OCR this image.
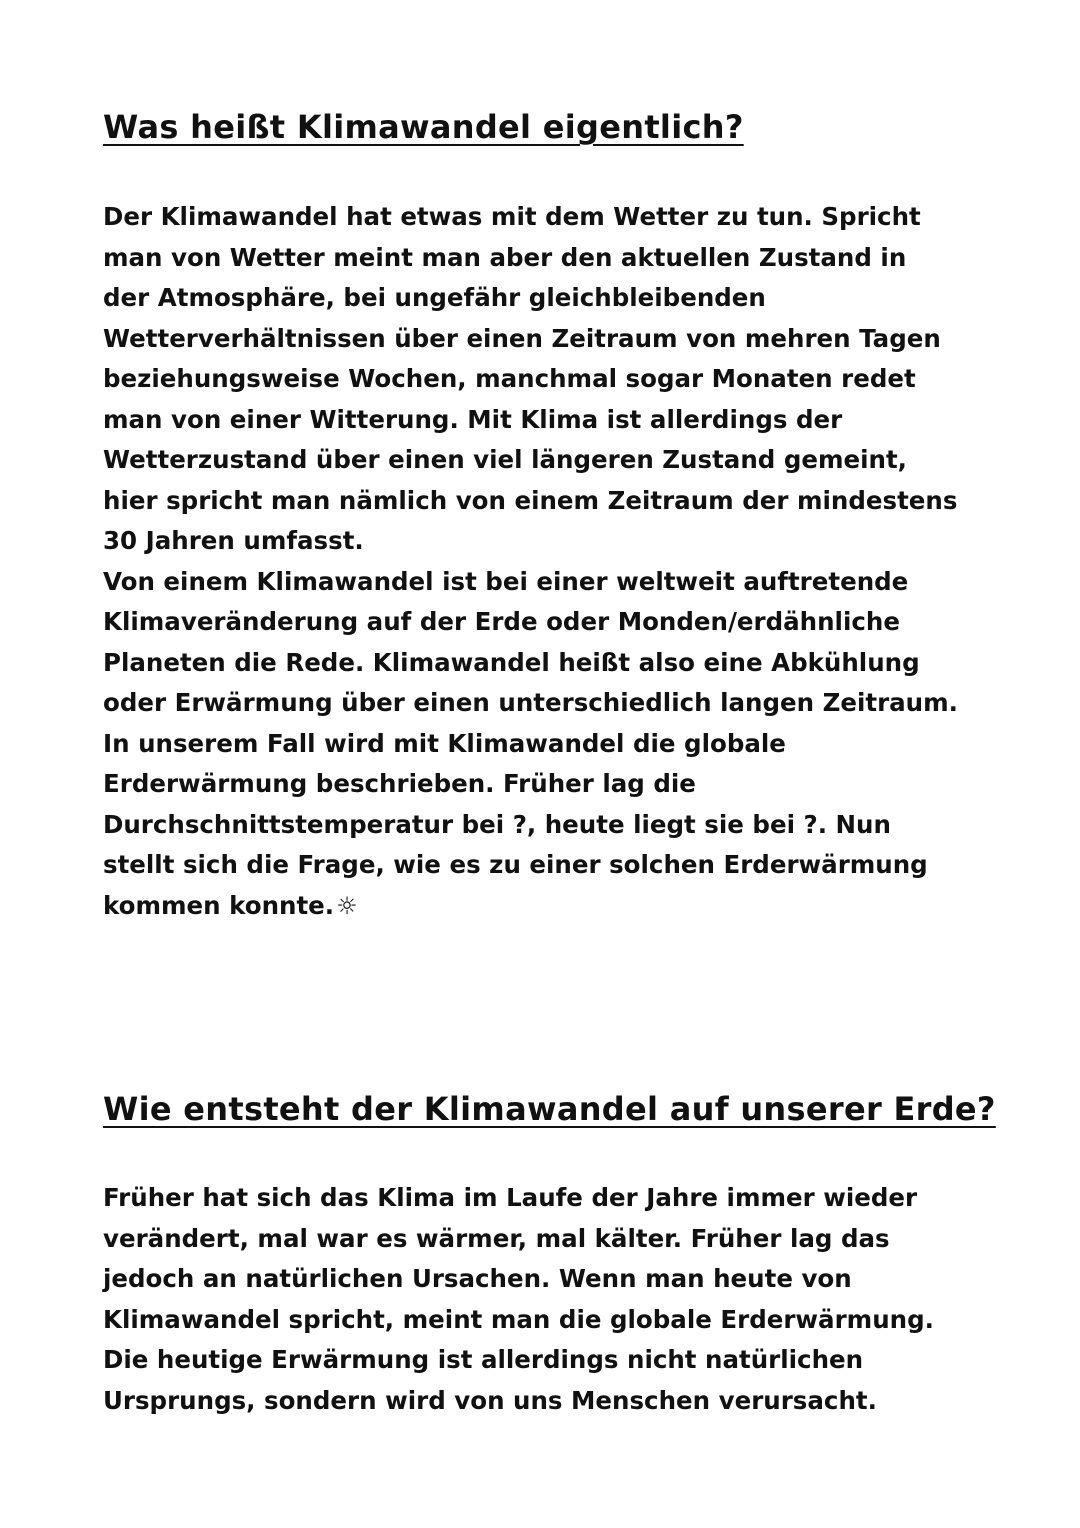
Was heißt Klimawandel eigentlich?

Der Klimawandel hat etwas mit dem Wetter zu tun. Spricht
man von Wetter meint man aber den aktuellen Zustand in
der Atmosphäre, bei ungefähr gleichbleibenden
Wetterverhältnissen über einen Zeitraum von mehren Tagen
beziehungsweise Wochen, manchmal sogar Monaten redet
man von einer Witterung. Mit Klima ist allerdings der
Wetterzustand über einen viel längeren Zustand gemeint,
hier spricht man nämlich von einem Zeitraum der mindestens
30 Jahren umfasst.
Von einem Klimawandel ist bei einer weltweit auftretende
Klimaveränderung auf der Erde oder Monden/erdähnliche
Planeten die Rede. Klimawandel heißt also eine Abkühlung
oder Erwärmung über einen unterschiedlich langen Zeitraum.
In unserem Fall wird mit Klimawandel die globale
Erderwärmung beschrieben. Früher lag die
Durchschnittstemperatur bei ?, heute liegt sie bei ?. Nun
stellt sich die Frage, wie es zu einer solchen Erderwärmung
kommen konnte.☼

Wie entsteht der Klimawandel auf unserer Erde?

Früher hat sich das Klima im Laufe der Jahre immer wieder
verändert, mal war es wärmer, mal kälter. Früher lag das
jedoch an natürlichen Ursachen. Wenn man heute von
Klimawandel spricht, meint man die globale Erderwärmung.
Die heutige Erwärmung ist allerdings nicht natürlichen
Ursprungs, sondern wird von uns Menschen verursacht.
